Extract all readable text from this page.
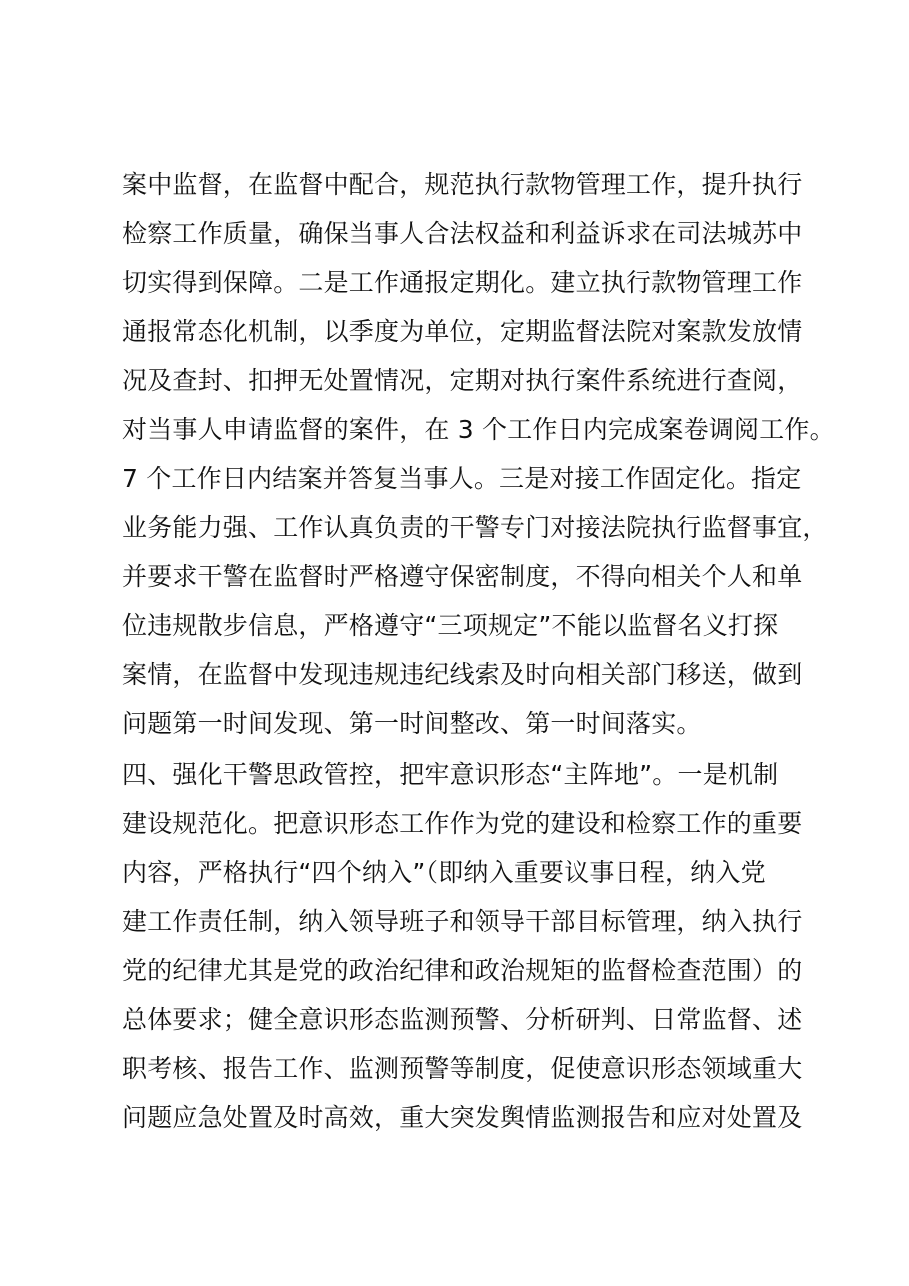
案中监督，在监督中配合，规范执行款物管理工作，提升执行
检察工作质量，确保当事人合法权益和利益诉求在司法城苏中
切实得到保障。二是工作通报定期化。建立执行款物管理工作
通报常态化机制，以季度为单位，定期监督法院对案款发放情
况及查封、扣押无处置情况，定期对执行案件系统进行查阅，
对当事人申请监督的案件，在 3 个工作日内完成案卷调阅工作。
7 个工作日内结案并答复当事人。三是对接工作固定化。指定
业务能力强、工作认真负责的干警专门对接法院执行监督事宜，
并要求干警在监督时严格遵守保密制度，不得向相关个人和单
位违规散步信息，严格遵守“三项规定”不能以监督名义打探
案情，在监督中发现违规违纪线索及时向相关部门移送，做到
问题第一时间发现、第一时间整改、第一时间落实。
四、强化干警思政管控，把牢意识形态“主阵地”。一是机制
建设规范化。把意识形态工作作为党的建设和检察工作的重要
内容，严格执行“四个纳入”（即纳入重要议事日程，纳入党
建工作责任制，纳入领导班子和领导干部目标管理，纳入执行
党的纪律尤其是党的政治纪律和政治规矩的监督检查范围）的
总体要求；健全意识形态监测预警、分析研判、日常监督、述
职考核、报告工作、监测预警等制度，促使意识形态领域重大
问题应急处置及时高效，重大突发舆情监测报告和应对处置及
